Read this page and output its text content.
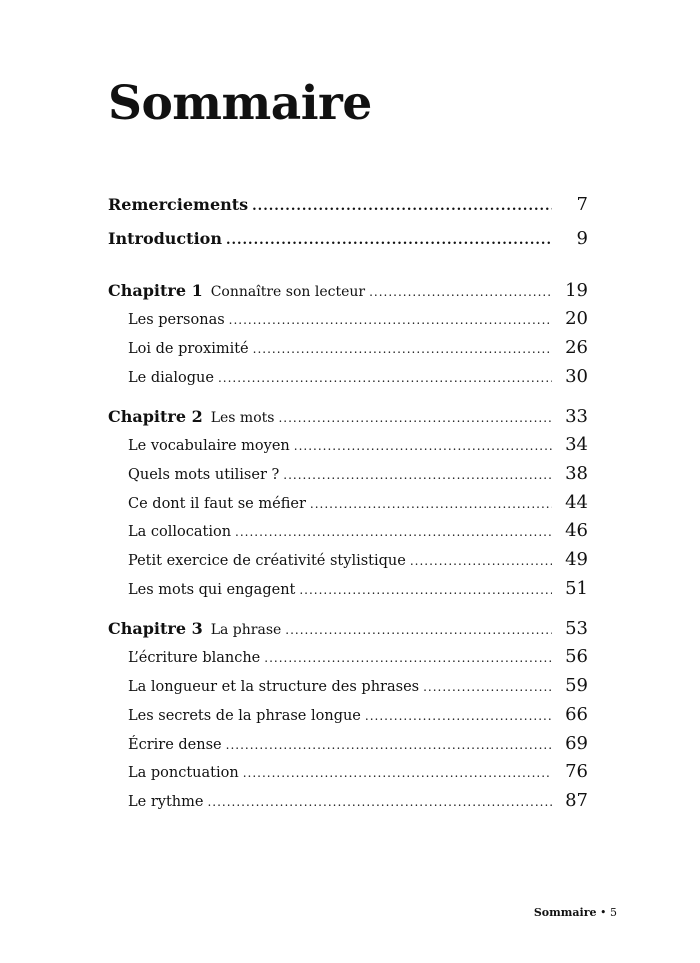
Sommaire
Remerciements .....	7
Introduction .....	9
Chapitre 1 Connaître son lecteur .....	19
Les personas .....	20
Loi de proximité .....	26
Le dialogue .....	30
Chapitre 2 Les mots .....	33
Le vocabulaire moyen .....	34
Quels mots utiliser ? .....	38
Ce dont il faut se méfier .....	44
La collocation .....	46
Petit exercice de créativité stylistique .....	49
Les mots qui engagent .....	51
Chapitre 3 La phrase .....	53
L’écriture blanche .....	56
La longueur et la structure des phrases .....	59
Les secrets de la phrase longue .....	66
Écrire dense .....	69
La ponctuation .....	76
Le rythme .....	87
Sommaire • 5
